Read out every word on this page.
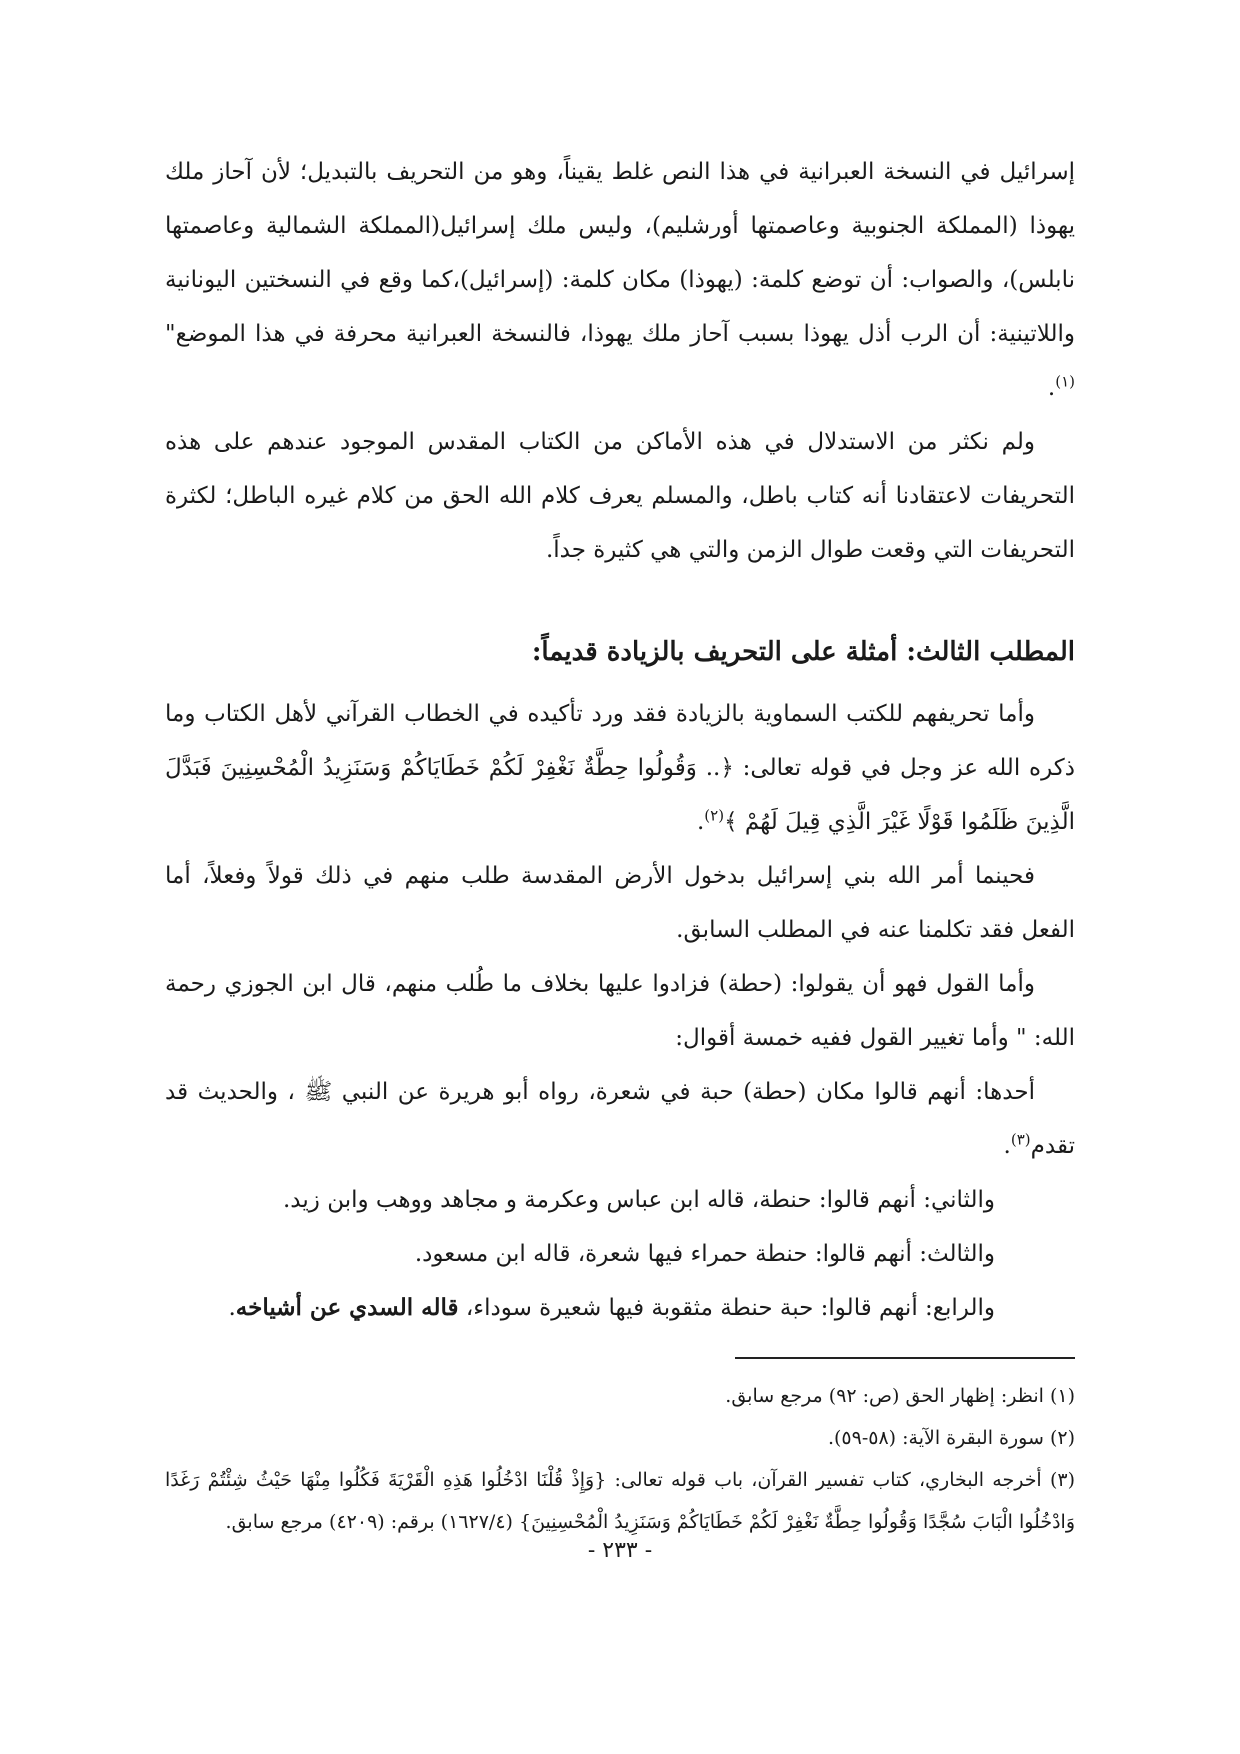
إسرائيل في النسخة العبرانية في هذا النص غلط يقيناً، وهو من التحريف بالتبديل؛ لأن آحاز ملك يهوذا (المملكة الجنوبية وعاصمتها أورشليم)، وليس ملك إسرائيل(المملكة الشمالية وعاصمتها نابلس)، والصواب: أن توضع كلمة: (يهوذا) مكان كلمة: (إسرائيل)،كما وقع في النسختين اليونانية واللاتينية: أن الرب أذل يهوذا بسبب آحاز ملك يهوذا، فالنسخة العبرانية محرفة في هذا الموضع"$^{(١)}$.

ولم نكثر من الاستدلال في هذه الأماكن من الكتاب المقدس الموجود عندهم على هذه التحريفات لاعتقادنا أنه كتاب باطل، والمسلم يعرف كلام الله الحق من كلام غيره الباطل؛ لكثرة التحريفات التي وقعت طوال الزمن والتي هي كثيرة جداً.

المطلب الثالث: أمثلة على التحريف بالزيادة قديماً:

وأما تحريفهم للكتب السماوية بالزيادة فقد ورد تأكيده في الخطاب القرآني لأهل الكتاب وما ذكره الله عز وجل في قوله تعالى: ﴿.. وَقُولُوا حِطَّةٌ نَغْفِرْ لَكُمْ خَطَايَاكُمْ وَسَنَزِيدُ الْمُحْسِنِينَ فَبَدَّلَ الَّذِينَ ظَلَمُوا قَوْلًا غَيْرَ الَّذِي قِيلَ لَهُمْ ﴾$^{(٢)}$.

فحينما أمر الله بني إسرائيل بدخول الأرض المقدسة طلب منهم في ذلك قولاً وفعلاً، أما الفعل فقد تكلمنا عنه في المطلب السابق.

وأما القول فهو أن يقولوا: (حطة) فزادوا عليها بخلاف ما طُلب منهم، قال ابن الجوزي رحمة الله: " وأما تغيير القول ففيه خمسة أقوال:

أحدها: أنهم قالوا مكان (حطة) حبة في شعرة، رواه أبو هريرة عن النبي ﷺ ، والحديث قد تقدم$^{(٣)}$.

والثاني: أنهم قالوا: حنطة، قاله ابن عباس وعكرمة و مجاهد ووهب وابن زيد.

والثالث: أنهم قالوا: حنطة حمراء فيها شعرة، قاله ابن مسعود.

والرابع: أنهم قالوا: حبة حنطة مثقوبة فيها شعيرة سوداء، قاله السدي عن أشياخه.

(١) انظر: إظهار الحق (ص: ٩٢) مرجع سابق.

(٢) سورة البقرة الآية: (٥٨-٥٩).

(٣) أخرجه البخاري، كتاب تفسير القرآن، باب قوله تعالى: {وَإِذْ قُلْنَا ادْخُلُوا هَذِهِ الْقَرْيَةَ فَكُلُوا مِنْهَا حَيْثُ شِئْتُمْ رَغَدًا وَادْخُلُوا الْبَابَ سُجَّدًا وَقُولُوا حِطَّةٌ نَغْفِرْ لَكُمْ خَطَايَاكُمْ وَسَنَزِيدُ الْمُحْسِنِينَ} (١٦٢٧/٤) برقم: (٤٢٠٩) مرجع سابق.

- ٢٣٣ -
